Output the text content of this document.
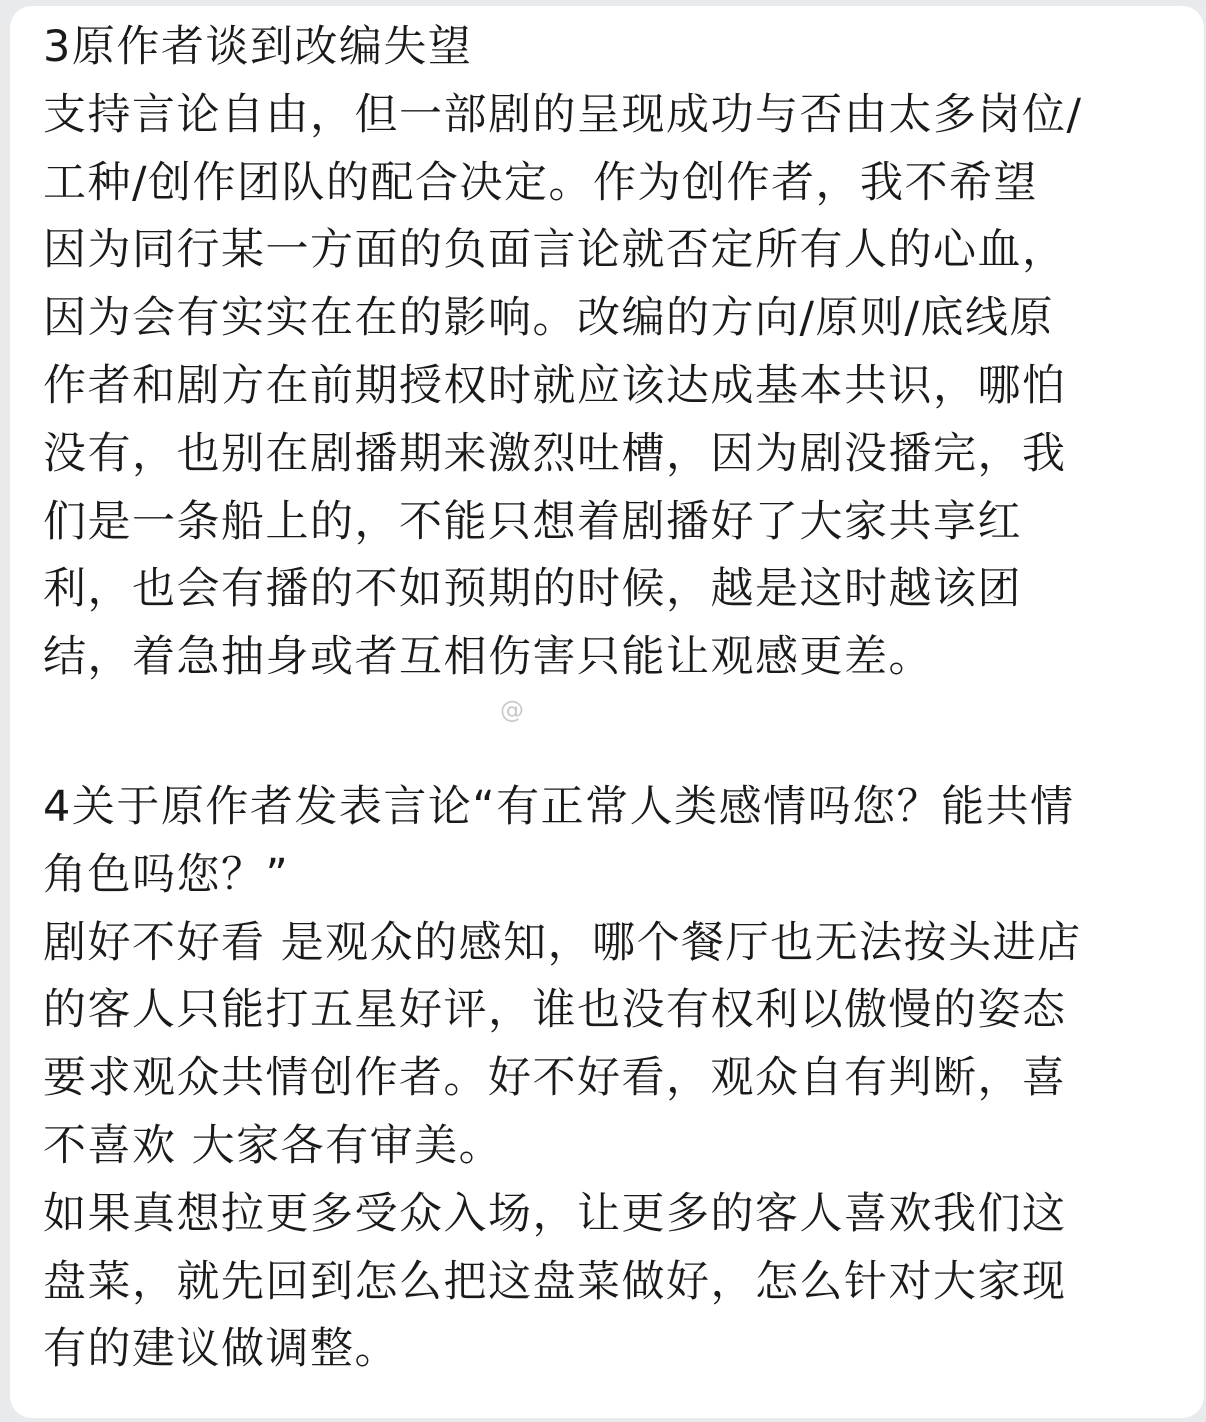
3原作者谈到改编失望
支持言论自由，但一部剧的呈现成功与否由太多岗位/
工种/创作团队的配合决定。作为创作者，我不希望
因为同行某一方面的负面言论就否定所有人的心血，
因为会有实实在在的影响。改编的方向/原则/底线原
作者和剧方在前期授权时就应该达成基本共识，哪怕
没有，也别在剧播期来激烈吐槽，因为剧没播完，我
们是一条船上的，不能只想着剧播好了大家共享红
利，也会有播的不如预期的时候，越是这时越该团
结，着急抽身或者互相伤害只能让观感更差。
@
4关于原作者发表言论“有正常人类感情吗您？能共情
角色吗您？”
剧好不好看 是观众的感知，哪个餐厅也无法按头进店
的客人只能打五星好评，谁也没有权利以傲慢的姿态
要求观众共情创作者。好不好看，观众自有判断，喜
不喜欢 大家各有审美。
如果真想拉更多受众入场，让更多的客人喜欢我们这
盘菜，就先回到怎么把这盘菜做好，怎么针对大家现
有的建议做调整。
